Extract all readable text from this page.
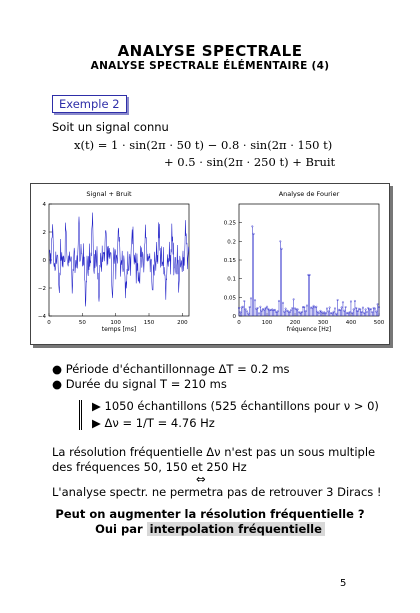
ANALYSE SPECTRALE
ANALYSE SPECTRALE ÉLÉMENTAIRE (4)
Exemple 2
Soit un signal connu
x(t) = 1 · sin(2π · 50 t) − 0.8 · sin(2π · 150 t)
+ 0.5 · sin(2π · 250 t) + Bruit
Signal + Bruit
4
2
0
−2
−4
0	50	100	150	200
temps [ms]
Analyse de Fourier
0.25
0.2
0.15
0.1
0.05
0
0	100	200	300	400	500
fréquence [Hz]
● Période d'échantillonnage ΔT = 0.2 ms
● Durée du signal T = 210 ms
▶ 1050 échantillons (525 échantillons pour ν > 0)
▶ Δν = 1/T = 4.76 Hz
La résolution fréquentielle Δν n'est pas un sous multiple
des fréquences 50, 150 et 250 Hz
⇔
L'analyse spectr. ne permetra pas de retrouver 3 Diracs !
Peut on augmenter la résolution fréquentielle ?
Oui par interpolation fréquentielle
5
